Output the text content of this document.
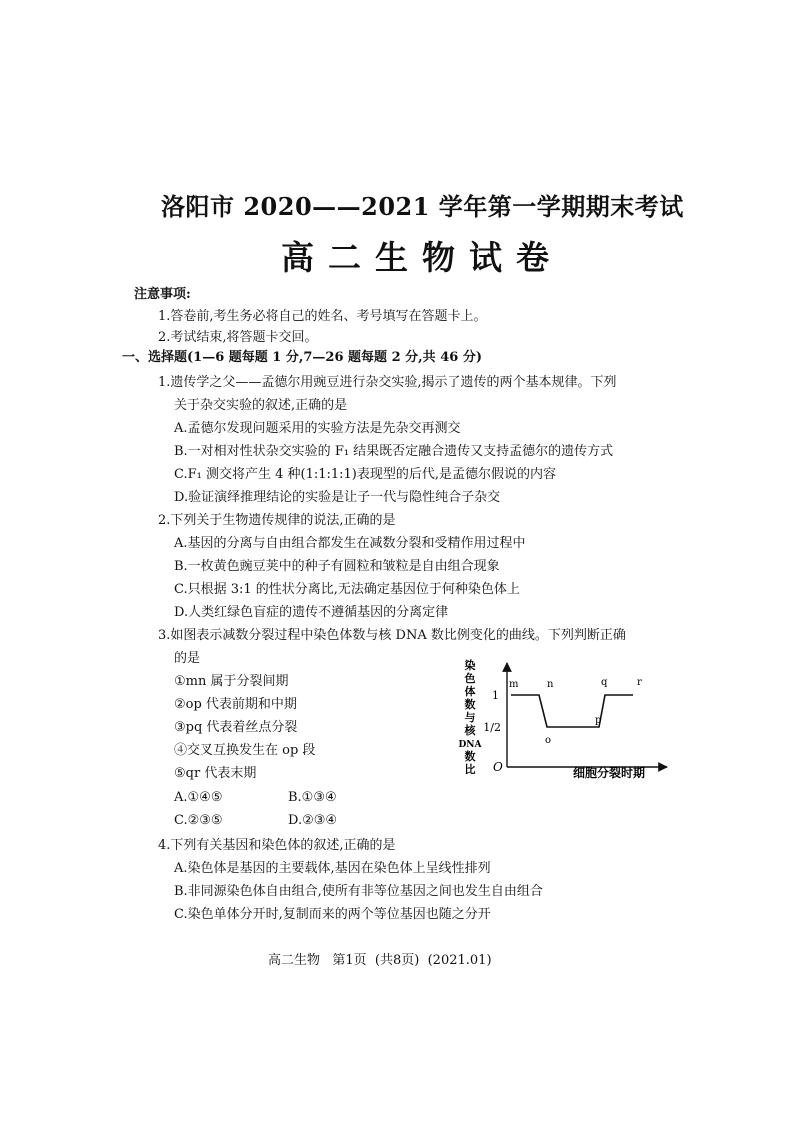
洛阳市 2020——2021 学年第一学期期末考试
高二生物试卷
注意事项:
1.答卷前,考生务必将自己的姓名、考号填写在答题卡上。
2.考试结束,将答题卡交回。
一、选择题(1—6 题每题 1 分,7—26 题每题 2 分,共 46 分)
1.遗传学之父——孟德尔用豌豆进行杂交实验,揭示了遗传的两个基本规律。下列
关于杂交实验的叙述,正确的是
A.孟德尔发现问题采用的实验方法是先杂交再测交
B.一对相对性状杂交实验的 F₁ 结果既否定融合遗传又支持孟德尔的遗传方式
C.F₁ 测交将产生 4 种(1:1:1:1)表现型的后代,是孟德尔假说的内容
D.验证演绎推理结论的实验是让子一代与隐性纯合子杂交
2.下列关于生物遗传规律的说法,正确的是
A.基因的分离与自由组合都发生在减数分裂和受精作用过程中
B.一枚黄色豌豆荚中的种子有圆粒和皱粒是自由组合现象
C.只根据 3:1 的性状分离比,无法确定基因位于何种染色体上
D.人类红绿色盲症的遗传不遵循基因的分离定律
3.如图表示减数分裂过程中染色体数与核 DNA 数比例变化的曲线。下列判断正确
的是
①mn 属于分裂间期
②op 代表前期和中期
③pq 代表着丝点分裂
④交叉互换发生在 op 段
⑤qr 代表末期
A.①④⑤	B.①③④
C.②③⑤	D.②③④
染
色
体
数
与
核
DNA
数
比 O
1
1/2
m	n
o
p
q	r
细胞分裂时期
4.下列有关基因和染色体的叙述,正确的是
A.染色体是基因的主要载体,基因在染色体上呈线性排列
B.非同源染色体自由组合,使所有非等位基因之间也发生自由组合
C.染色单体分开时,复制而来的两个等位基因也随之分开
高二生物   第1页  (共8页)  (2021.01)
